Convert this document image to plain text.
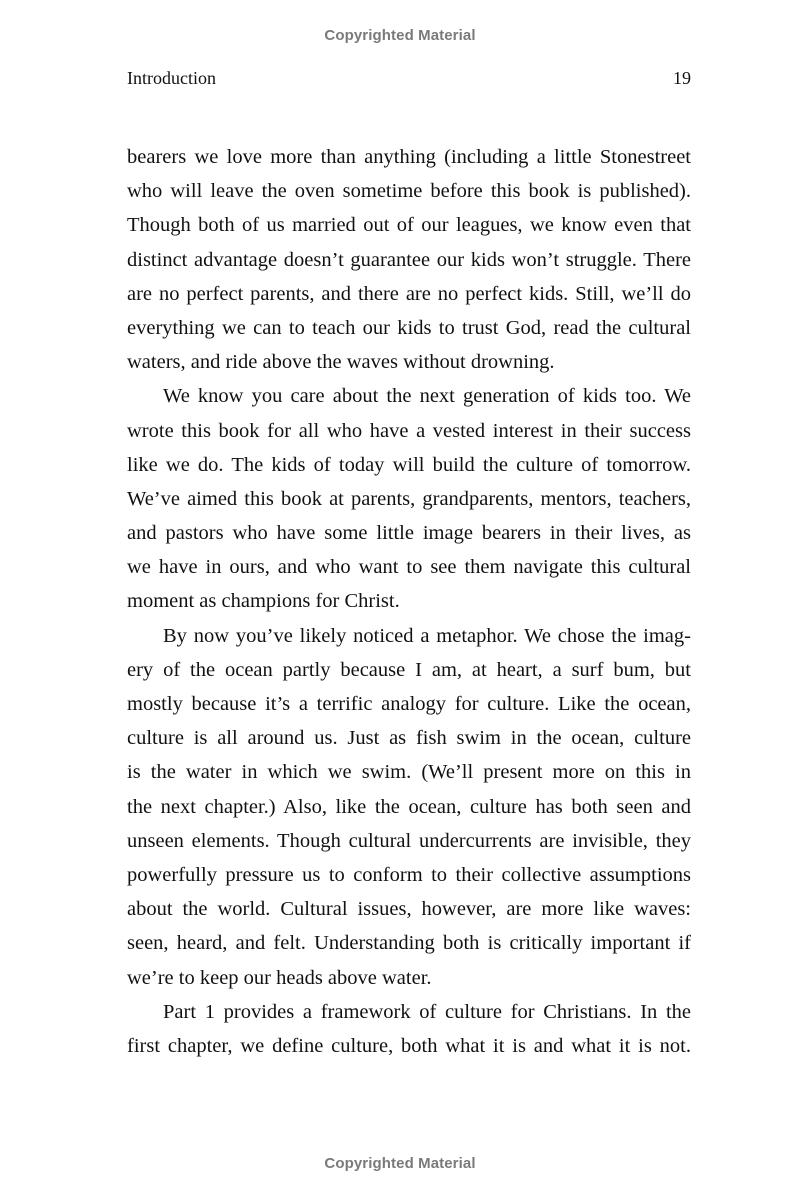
Copyrighted Material
Introduction	19
bearers we love more than anything (including a little Stonestreet
who will leave the oven sometime before this book is published).
Though both of us married out of our leagues, we know even that
distinct advantage doesn’t guarantee our kids won’t struggle. There
are no perfect parents, and there are no perfect kids. Still, we’ll do
everything we can to teach our kids to trust God, read the cultural
waters, and ride above the waves without drowning.
We know you care about the next generation of kids too. We
wrote this book for all who have a vested interest in their success
like we do. The kids of today will build the culture of tomorrow.
We’ve aimed this book at parents, grandparents, mentors, teachers,
and pastors who have some little image bearers in their lives, as
we have in ours, and who want to see them navigate this cultural
moment as champions for Christ.
By now you’ve likely noticed a metaphor. We chose the imag-
ery of the ocean partly because I am, at heart, a surf bum, but
mostly because it’s a terrific analogy for culture. Like the ocean,
culture is all around us. Just as fish swim in the ocean, culture
is the water in which we swim. (We’ll present more on this in
the next chapter.) Also, like the ocean, culture has both seen and
unseen elements. Though cultural undercurrents are invisible, they
powerfully pressure us to conform to their collective assumptions
about the world. Cultural issues, however, are more like waves:
seen, heard, and felt. Understanding both is critically important if
we’re to keep our heads above water.
Part 1 provides a framework of culture for Christians. In the
first chapter, we define culture, both what it is and what it is not.
Copyrighted Material
